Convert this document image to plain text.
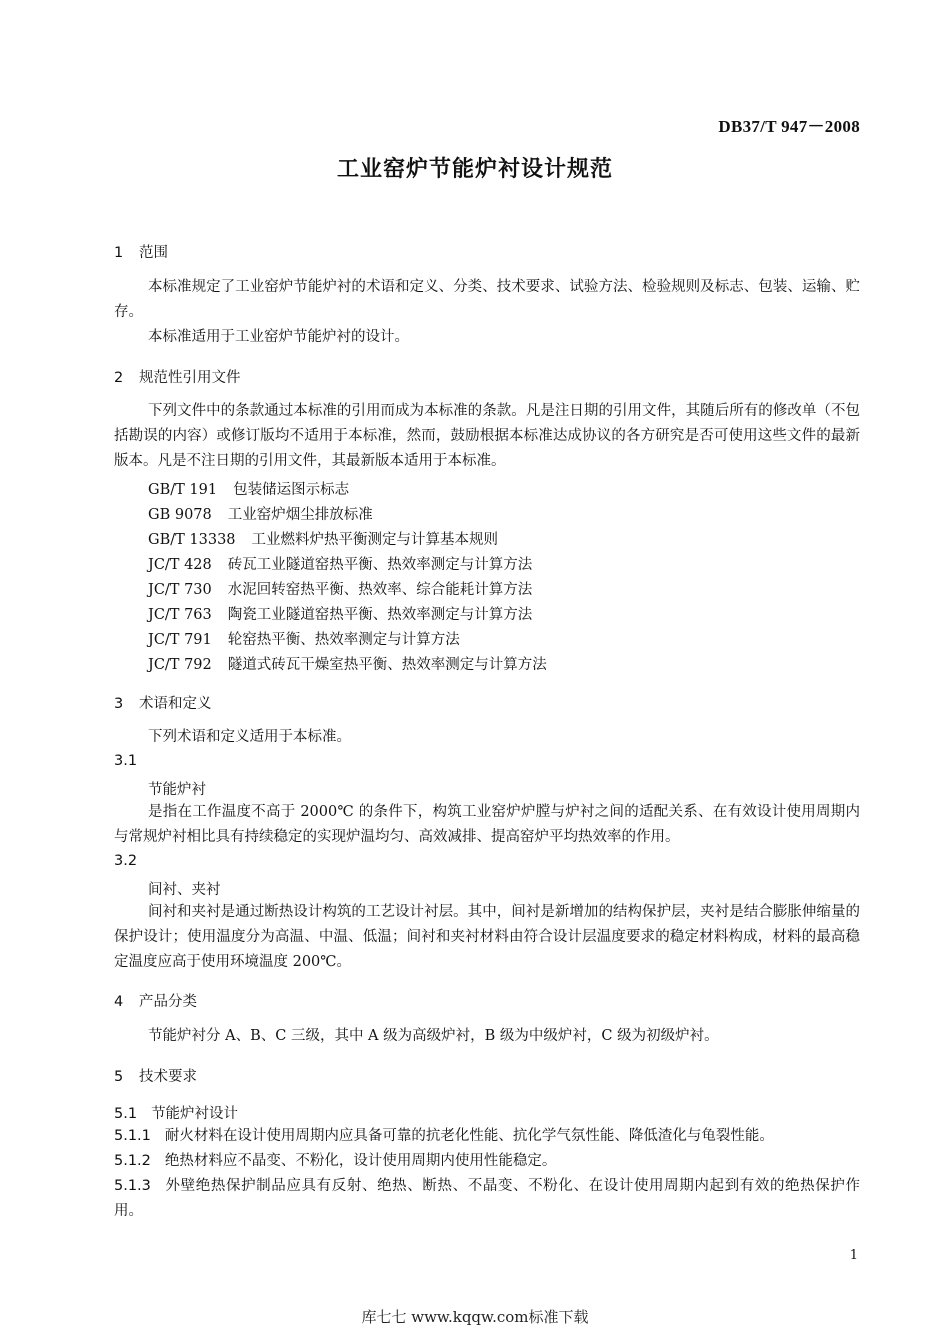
DB37/T 947－2008
工业窑炉节能炉衬设计规范
1 范围
本标准规定了工业窑炉节能炉衬的术语和定义、分类、技术要求、试验方法、检验规则及标志、包装、运输、贮存。
本标准适用于工业窑炉节能炉衬的设计。
2 规范性引用文件
下列文件中的条款通过本标准的引用而成为本标准的条款。凡是注日期的引用文件，其随后所有的修改单（不包括勘误的内容）或修订版均不适用于本标准，然而，鼓励根据本标准达成协议的各方研究是否可使用这些文件的最新版本。凡是不注日期的引用文件，其最新版本适用于本标准。
GB/T 191 包装储运图示标志
GB 9078 工业窑炉烟尘排放标准
GB/T 13338 工业燃料炉热平衡测定与计算基本规则
JC/T 428 砖瓦工业隧道窑热平衡、热效率测定与计算方法
JC/T 730 水泥回转窑热平衡、热效率、综合能耗计算方法
JC/T 763 陶瓷工业隧道窑热平衡、热效率测定与计算方法
JC/T 791 轮窑热平衡、热效率测定与计算方法
JC/T 792 隧道式砖瓦干燥室热平衡、热效率测定与计算方法
3 术语和定义
下列术语和定义适用于本标准。
3.1
节能炉衬
是指在工作温度不高于 2000℃ 的条件下，构筑工业窑炉炉膛与炉衬之间的适配关系、在有效设计使用周期内与常规炉衬相比具有持续稳定的实现炉温均匀、高效减排、提高窑炉平均热效率的作用。
3.2
间衬、夹衬
间衬和夹衬是通过断热设计构筑的工艺设计衬层。其中，间衬是新增加的结构保护层，夹衬是结合膨胀伸缩量的保护设计；使用温度分为高温、中温、低温；间衬和夹衬材料由符合设计层温度要求的稳定材料构成，材料的最高稳定温度应高于使用环境温度 200℃。
4 产品分类
节能炉衬分 A、B、C 三级，其中 A 级为高级炉衬，B 级为中级炉衬，C 级为初级炉衬。
5 技术要求
5.1 节能炉衬设计
5.1.1 耐火材料在设计使用周期内应具备可靠的抗老化性能、抗化学气氛性能、降低渣化与龟裂性能。
5.1.2 绝热材料应不晶变、不粉化，设计使用周期内使用性能稳定。
5.1.3 外壁绝热保护制品应具有反射、绝热、断热、不晶变、不粉化、在设计使用周期内起到有效的绝热保护作用。
1
库七七 www.kqqw.com标准下载
